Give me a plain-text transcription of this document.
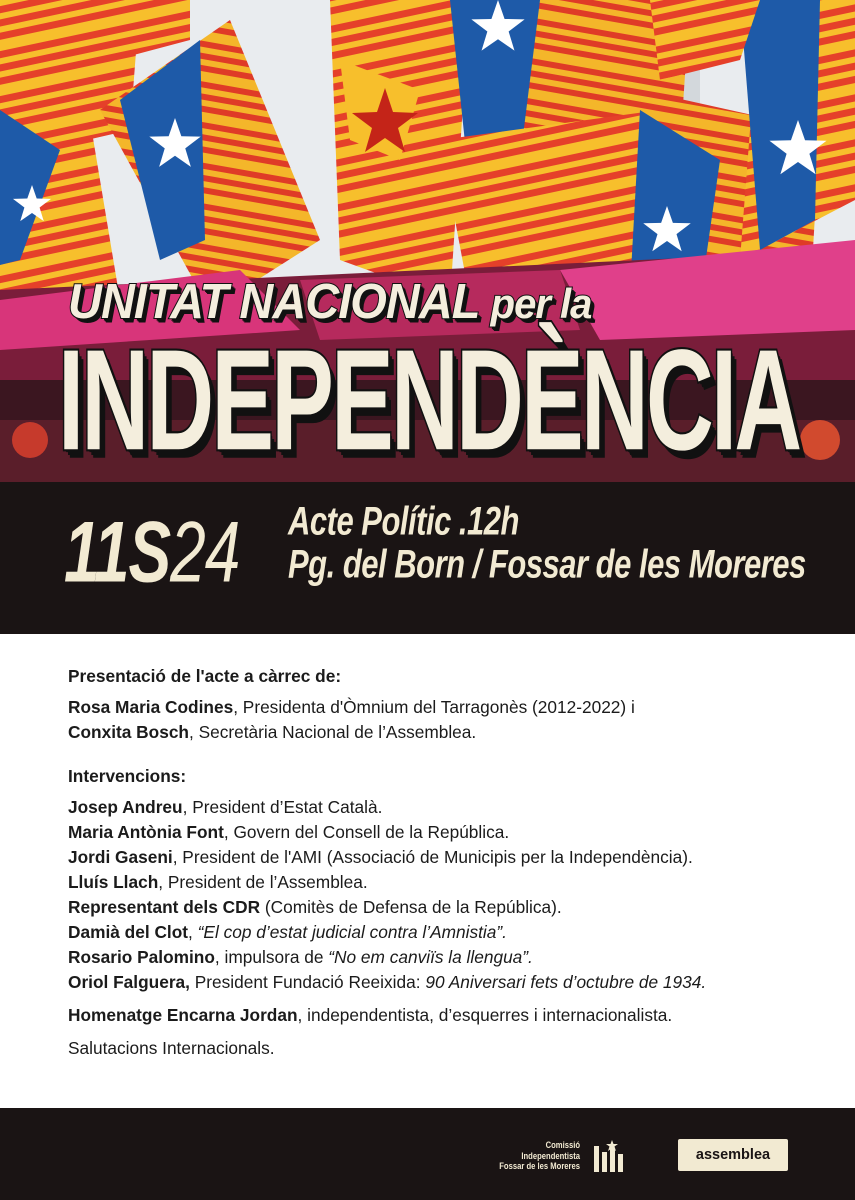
UNITAT NACIONAL per la

INDEPENDÈNCIA

11S24 Acte Polític .12h

Pg. del Born / Fossar de les Moreres

Presentació de l'acte a càrrec de:

Rosa Maria Codines, Presidenta d'Òmnium del Tarragonès (2012-2022) i

Conxita Bosch, Secretària Nacional de l’Assemblea.

Intervencions:

Josep Andreu, President d’Estat Català.

Maria Antònia Font, Govern del Consell de la República.

Jordi Gaseni, President de l'AMI (Associació de Municipis per la Independència).

Lluís Llach, President de l’Assemblea.

Representant dels CDR (Comitès de Defensa de la República).

Damià del Clot, “El cop d’estat judicial contra l’Amnistia”.

Rosario Palomino, impulsora de “No em canviïs la llengua”.

Oriol Falguera, President Fundació Reeixida: 90 Aniversari fets d’octubre de 1934.

Homenatge Encarna Jordan, independentista, d’esquerres i internacionalista.

Salutacions Internacionals.

Comissió
Independentista
Fossar de les Moreres
assemblea
